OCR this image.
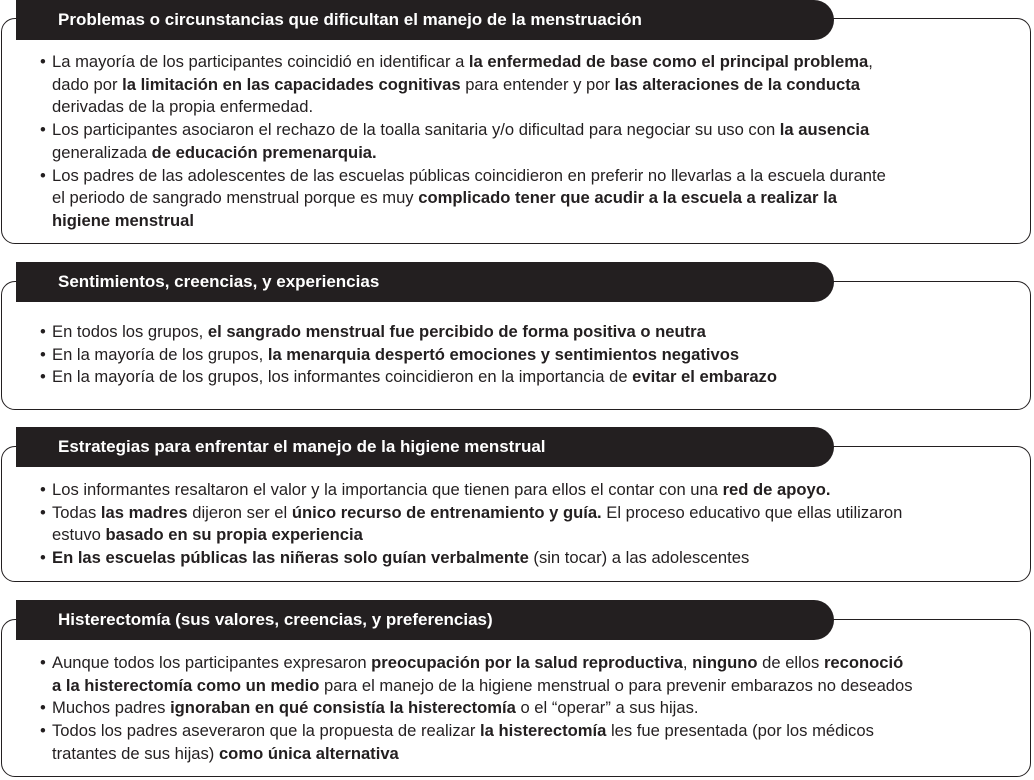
Problemas o circunstancias que dificultan el manejo de la menstruación
• La mayoría de los participantes coincidió en identificar a la enfermedad de base como el principal problema,
dado por la limitación en las capacidades cognitivas para entender y por las alteraciones de la conducta
derivadas de la propia enfermedad.
• Los participantes asociaron el rechazo de la toalla sanitaria y/o dificultad para negociar su uso con la ausencia
generalizada de educación premenarquia.
• Los padres de las adolescentes de las escuelas públicas coincidieron en preferir no llevarlas a la escuela durante
el periodo de sangrado menstrual porque es muy complicado tener que acudir a la escuela a realizar la
higiene menstrual
Sentimientos, creencias, y experiencias
• En todos los grupos, el sangrado menstrual fue percibido de forma positiva o neutra
• En la mayoría de los grupos, la menarquia despertó emociones y sentimientos negativos
• En la mayoría de los grupos, los informantes coincidieron en la importancia de evitar el embarazo
Estrategias para enfrentar el manejo de la higiene menstrual
• Los informantes resaltaron el valor y la importancia que tienen para ellos el contar con una red de apoyo.
• Todas las madres dijeron ser el único recurso de entrenamiento y guía. El proceso educativo que ellas utilizaron
estuvo basado en su propia experiencia
• En las escuelas públicas las niñeras solo guían verbalmente (sin tocar) a las adolescentes
Histerectomía (sus valores, creencias, y preferencias)
• Aunque todos los participantes expresaron preocupación por la salud reproductiva, ninguno de ellos reconoció
a la histerectomía como un medio para el manejo de la higiene menstrual o para prevenir embarazos no deseados
• Muchos padres ignoraban en qué consistía la histerectomía o el “operar” a sus hijas.
• Todos los padres aseveraron que la propuesta de realizar la histerectomía les fue presentada (por los médicos
tratantes de sus hijas) como única alternativa
